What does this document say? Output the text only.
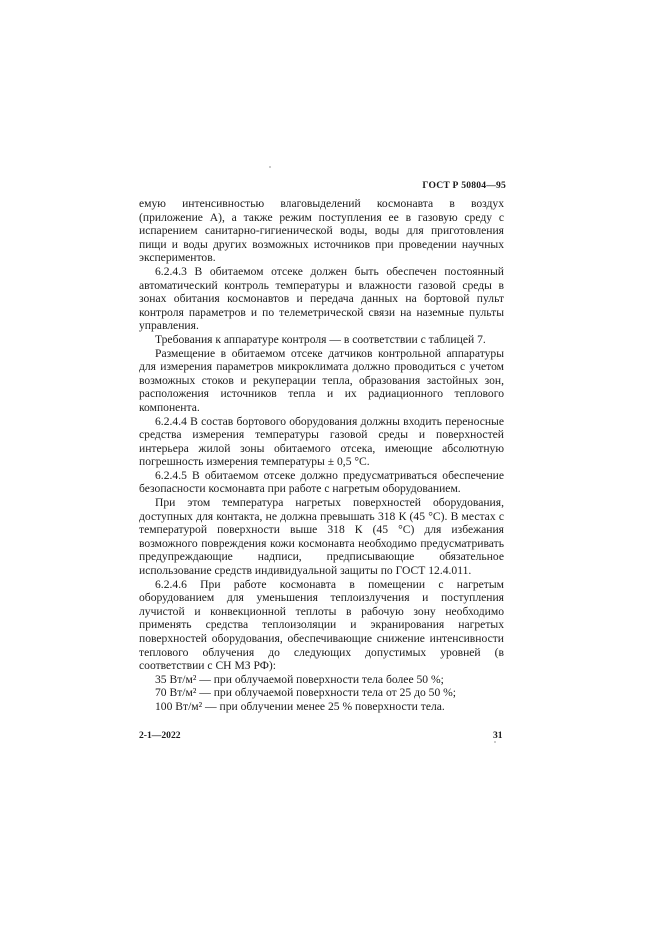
ГОСТ Р 50804—95

емую интенсивностью влаговыделений космонавта в воздух (приложение А), а также режим поступления ее в газовую среду с испарением санитарно-гигиенической воды, воды для приготовления пищи и воды других возможных источников при проведении научных экспериментов.

6.2.4.3 В обитаемом отсеке должен быть обеспечен постоянный автоматический контроль температуры и влажности газовой среды в зонах обитания космонавтов и передача данных на бортовой пульт контроля параметров и по телеметрической связи на наземные пульты управления.

Требования к аппаратуре контроля — в соответствии с таблицей 7.

Размещение в обитаемом отсеке датчиков контрольной аппаратуры для измерения параметров микроклимата должно проводиться с учетом возможных стоков и рекуперации тепла, образования застойных зон, расположения источников тепла и их радиационного теплового компонента.

6.2.4.4 В состав бортового оборудования должны входить переносные средства измерения температуры газовой среды и поверхностей интерьера жилой зоны обитаемого отсека, имеющие абсолютную погрешность измерения температуры ± 0,5 °С.

6.2.4.5 В обитаемом отсеке должно предусматриваться обеспечение безопасности космонавта при работе с нагретым оборудованием.

При этом температура нагретых поверхностей оборудования, доступных для контакта, не должна превышать 318 К (45 °С). В местах с температурой поверхности выше 318 К (45 °С) для избежания возможного повреждения кожи космонавта необходимо предусматривать предупреждающие надписи, предписывающие обязательное использование средств индивидуальной защиты по ГОСТ 12.4.011.

6.2.4.6 При работе космонавта в помещении с нагретым оборудованием для уменьшения теплоизлучения и поступления лучистой и конвекционной теплоты в рабочую зону необходимо применять средства теплоизоляции и экранирования нагретых поверхностей оборудования, обеспечивающие снижение интенсивности теплового облучения до следующих допустимых уровней (в соответствии с СН МЗ РФ):

35 Вт/м² — при облучаемой поверхности тела более 50 %;

70 Вт/м² — при облучаемой поверхности тела от 25 до 50 %;

100 Вт/м² — при облучении менее 25 % поверхности тела.

2-1—2022	31
